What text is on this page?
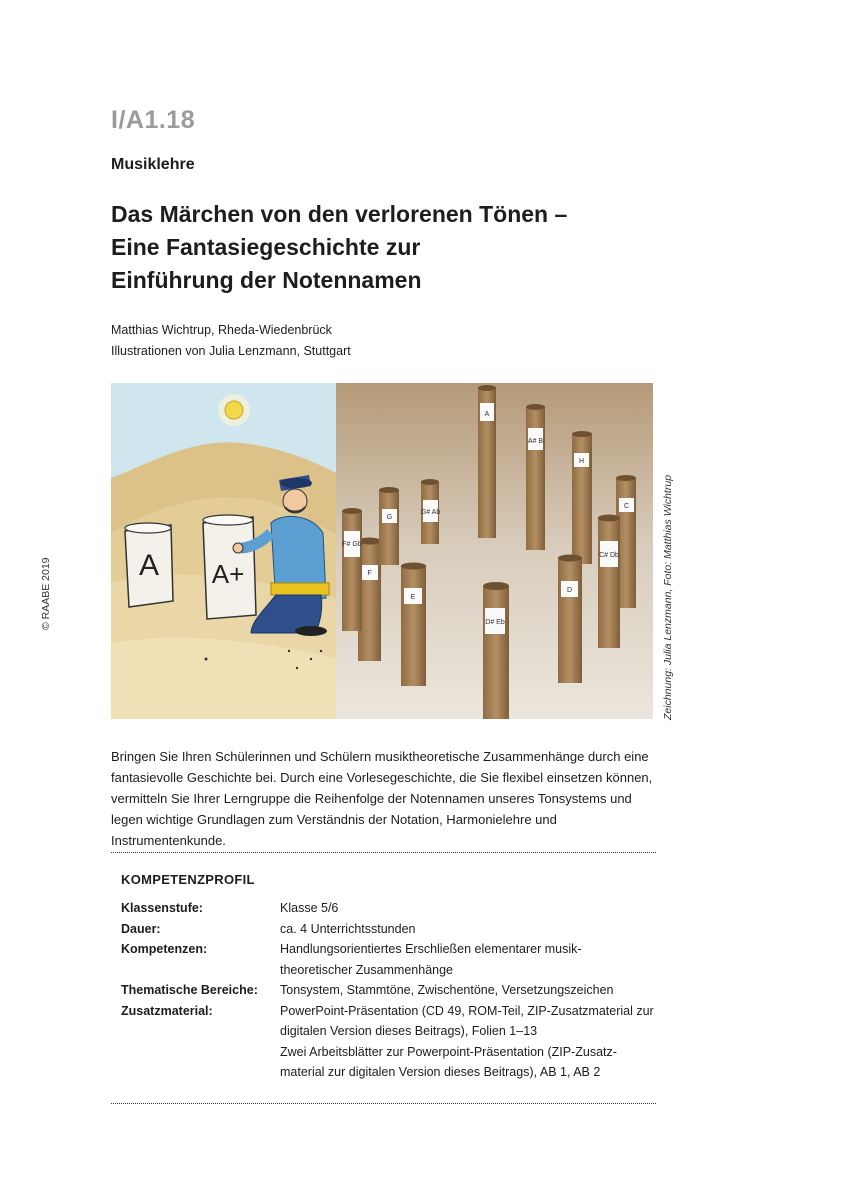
I/A1.18
Musiklehre
Das Märchen von den verlorenen Tönen –
Eine Fantasiegeschichte zur
Einführung der Notennamen
Matthias Wichtrup, Rheda-Wiedenbrück
Illustrationen von Julia Lenzmann, Stuttgart
© RAABE 2019	Zeichnung: Julia Lenzmann, Foto: Matthias Wichtrup
A A+
A
A# B
H
C
C# Db
D
D# Eb
E
F
F# Gb
G
G# Ab
Bringen Sie Ihren Schülerinnen und Schülern musiktheoretische Zusammenhänge durch eine fantasievolle Geschichte bei. Durch eine Vorlesegeschichte, die Sie flexibel einsetzen können, vermitteln Sie Ihrer Lerngruppe die Reihenfolge der Notennamen unseres Tonsystems und legen wichtige Grundlagen zum Verständnis der Notation, Harmonielehre und Instrumentenkunde.
KOMPETENZPROFIL
Klassenstufe:	Klasse 5/6
Dauer:	ca. 4 Unterrichtsstunden
Kompetenzen:	Handlungsorientiertes Erschließen elementarer musik-
theoretischer Zusammenhänge
Thematische Bereiche:	Tonsystem, Stammtöne, Zwischentöne, Versetzungszeichen
Zusatzmaterial:	PowerPoint-Präsentation (CD 49, ROM-Teil, ZIP-Zusatzmaterial zur
digitalen Version dieses Beitrags), Folien 1–13
Zwei Arbeitsblätter zur Powerpoint-Präsentation (ZIP-Zusatz-
material zur digitalen Version dieses Beitrags), AB 1, AB 2
